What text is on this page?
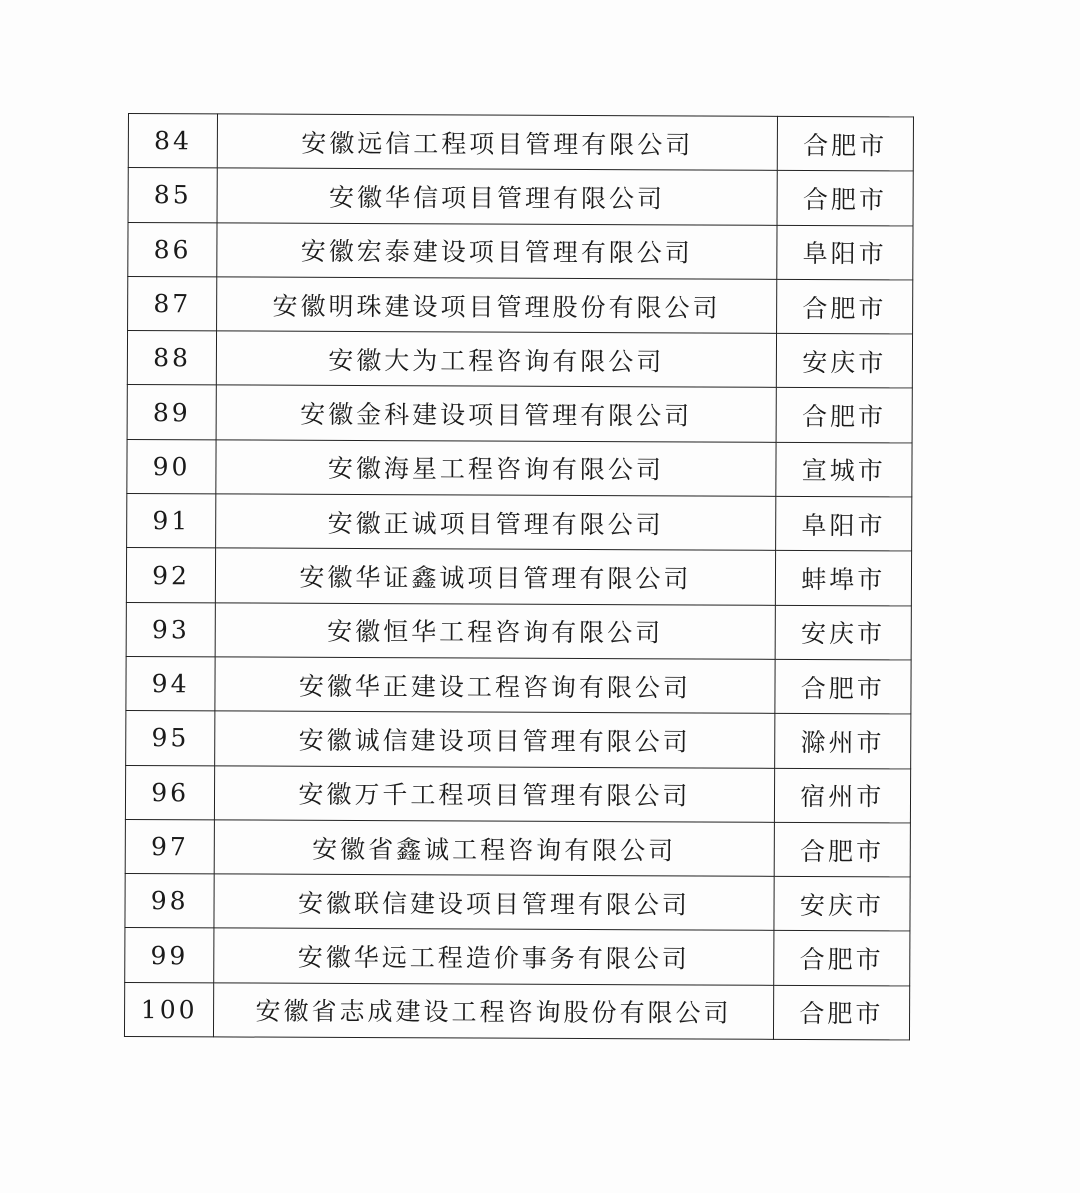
84	安徽远信工程项目管理有限公司	合肥市
85	安徽华信项目管理有限公司	合肥市
86	安徽宏泰建设项目管理有限公司	阜阳市
87	安徽明珠建设项目管理股份有限公司	合肥市
88	安徽大为工程咨询有限公司	安庆市
89	安徽金科建设项目管理有限公司	合肥市
90	安徽海星工程咨询有限公司	宣城市
91	安徽正诚项目管理有限公司	阜阳市
92	安徽华证鑫诚项目管理有限公司	蚌埠市
93	安徽恒华工程咨询有限公司	安庆市
94	安徽华正建设工程咨询有限公司	合肥市
95	安徽诚信建设项目管理有限公司	滁州市
96	安徽万千工程项目管理有限公司	宿州市
97	安徽省鑫诚工程咨询有限公司	合肥市
98	安徽联信建设项目管理有限公司	安庆市
99	安徽华远工程造价事务有限公司	合肥市
100	安徽省志成建设工程咨询股份有限公司	合肥市
